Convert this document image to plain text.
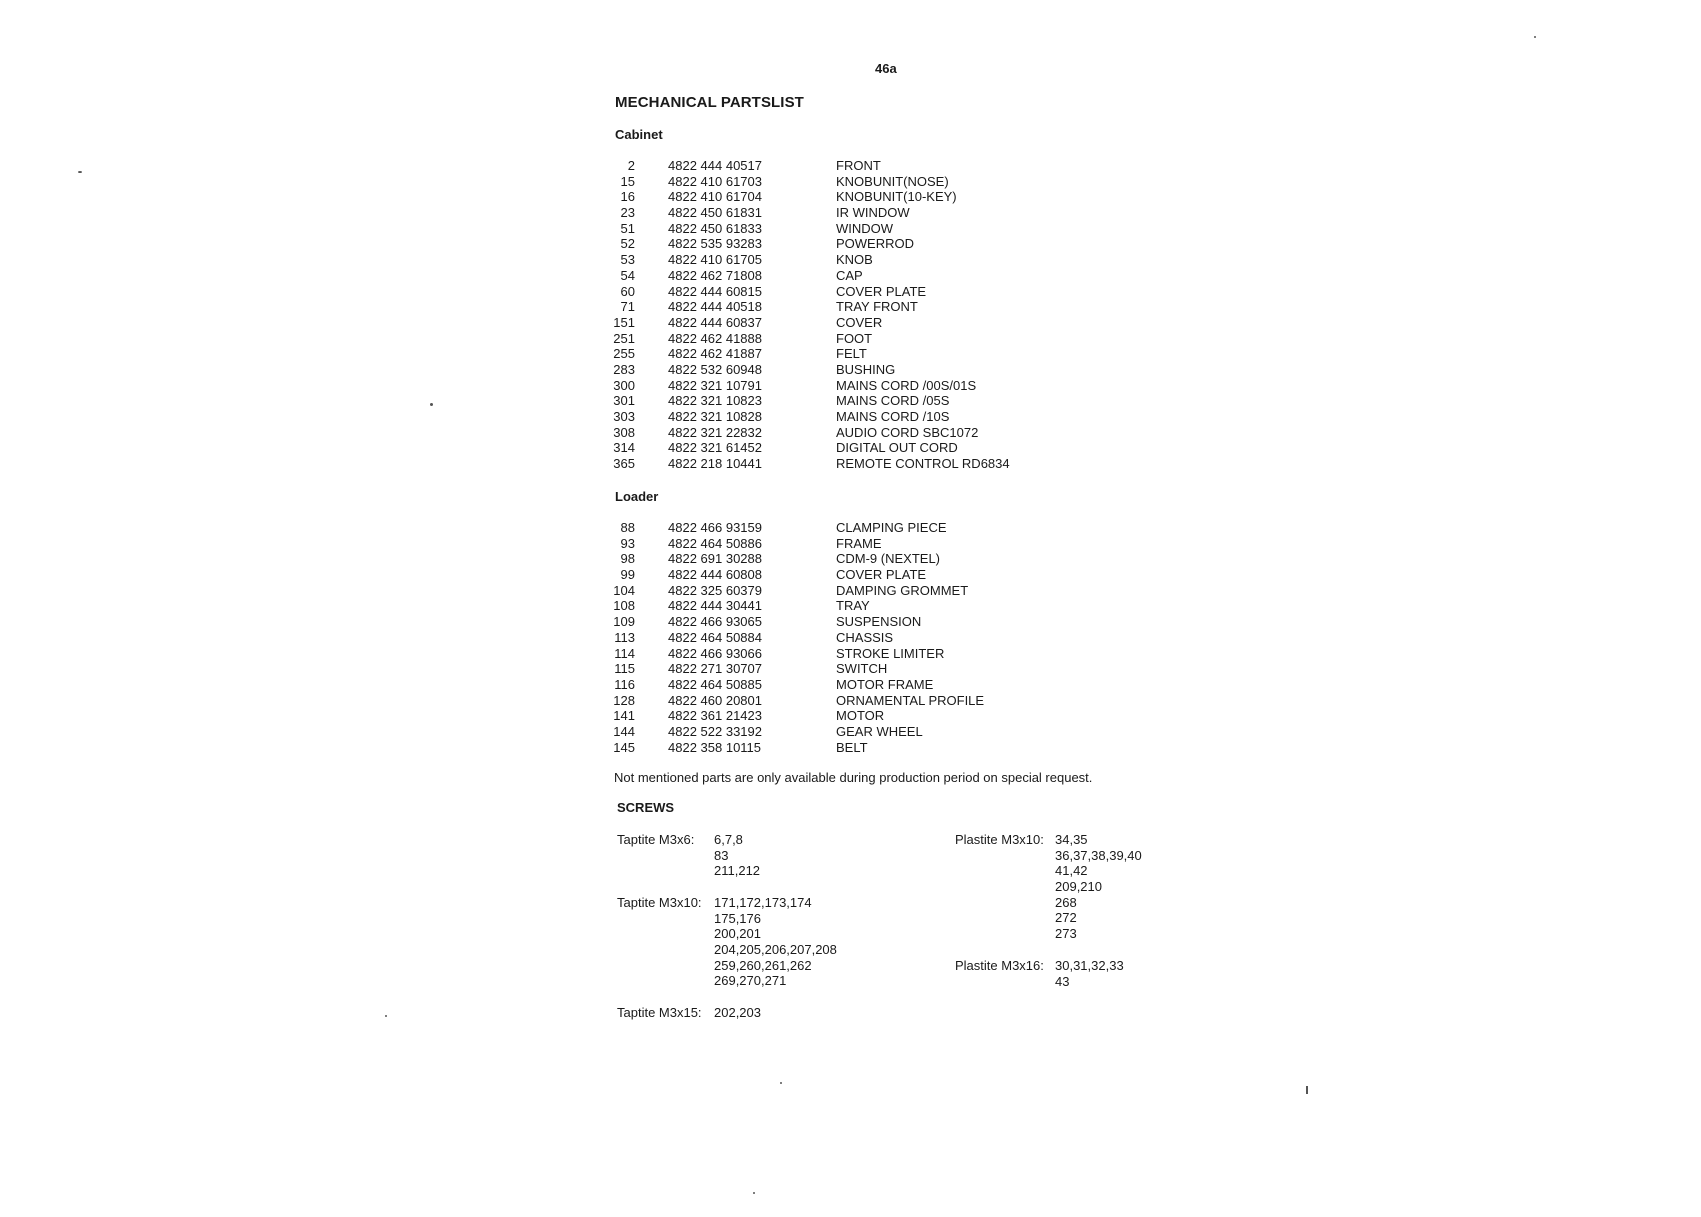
46a
MECHANICAL PARTSLIST
Cabinet
2	4822 444 40517	FRONT
15	4822 410 61703	KNOBUNIT(NOSE)
16	4822 410 61704	KNOBUNIT(10-KEY)
23	4822 450 61831	IR WINDOW
51	4822 450 61833	WINDOW
52	4822 535 93283	POWERROD
53	4822 410 61705	KNOB
54	4822 462 71808	CAP
60	4822 444 60815	COVER PLATE
71	4822 444 40518	TRAY FRONT
151	4822 444 60837	COVER
251	4822 462 41888	FOOT
255	4822 462 41887	FELT
283	4822 532 60948	BUSHING
300	4822 321 10791	MAINS CORD /00S/01S
301	4822 321 10823	MAINS CORD /05S
303	4822 321 10828	MAINS CORD /10S
308	4822 321 22832	AUDIO CORD SBC1072
314	4822 321 61452	DIGITAL OUT CORD
365	4822 218 10441	REMOTE CONTROL RD6834
Loader
88	4822 466 93159	CLAMPING PIECE
93	4822 464 50886	FRAME
98	4822 691 30288	CDM-9 (NEXTEL)
99	4822 444 60808	COVER PLATE
104	4822 325 60379	DAMPING GROMMET
108	4822 444 30441	TRAY
109	4822 466 93065	SUSPENSION
113	4822 464 50884	CHASSIS
114	4822 466 93066	STROKE LIMITER
115	4822 271 30707	SWITCH
116	4822 464 50885	MOTOR FRAME
128	4822 460 20801	ORNAMENTAL PROFILE
141	4822 361 21423	MOTOR
144	4822 522 33192	GEAR WHEEL
145	4822 358 10115	BELT
Not mentioned parts are only available during production period on special request.
SCREWS
Taptite M3x6: 6,7,8
83
211,212
Taptite M3x10: 171,172,173,174
175,176
200,201
204,205,206,207,208
259,260,261,262
269,270,271
Taptite M3x15: 202,203
Plastite M3x10: 34,35
36,37,38,39,40
41,42
209,210
268
272
273
Plastite M3x16: 30,31,32,33
43
